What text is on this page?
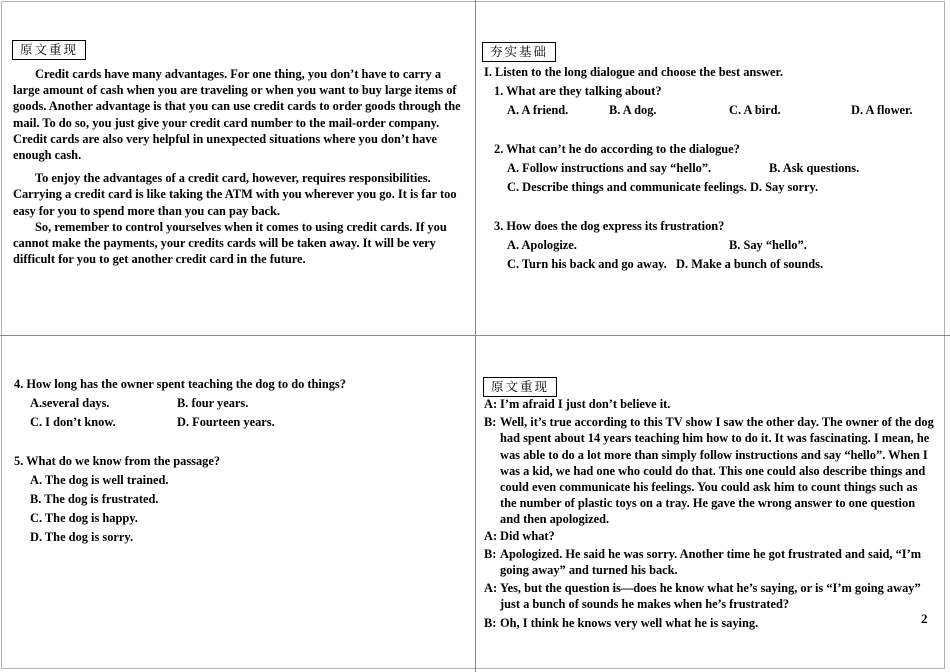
原文重现

Credit cards have many advantages. For one thing, you don’t have to carry a large amount of cash when you are traveling or when you want to buy large items of goods. Another advantage is that you can use credit cards to order goods through the mail. To do so, you just give your credit card number to the mail-order company. Credit cards are also very helpful in unexpected situations where you don’t have enough cash.

To enjoy the advantages of a credit card, however, requires responsibilities. Carrying a credit card is like taking the ATM with you wherever you go. It is far too easy for you to spend more than you can pay back.

So, remember to control yourselves when it comes to using credit cards. If you cannot make the payments, your credits cards will be taken away. It will be very difficult for you to get another credit card in the future.

夯实基础
I. Listen to the long dialogue and choose the best answer.
1. What are they talking about?
A. A friend.	B. A dog.	C. A bird.	D. A flower.
2. What can’t he do according to the dialogue?
A. Follow instructions and say “hello”.	B. Ask questions.
C. Describe things and communicate feelings. D. Say sorry.
3. How does the dog express its frustration?
A. Apologize.	B. Say “hello”.
C. Turn his back and go away.   D. Make a bunch of sounds.
4. How long has the owner spent teaching the dog to do things?
A.several days.	B. four years.
C. I don’t know.	D. Fourteen years.
5. What do we know from the passage?
A. The dog is well trained.
B. The dog is frustrated.
C. The dog is happy.
D. The dog is sorry.
原文重现
A: I’m afraid I just don’t believe it.
B: Well, it’s true according to this TV show I saw the other day. The owner of the dog had spent about 14 years teaching him how to do it. It was fascinating. I mean, he was able to do a lot more than simply follow instructions and say “hello”. When I was a kid, we had one who could do that. This one could also describe things and could even communicate his feelings. You could ask him to count things such as the number of plastic toys on a tray. He gave the wrong answer to one question and then apologized.
A: Did what?
B: Apologized. He said he was sorry. Another time he got frustrated and said, “I’m going away” and turned his back.
A: Yes, but the question is—does he know what he’s saying, or is “I’m going away” just a bunch of sounds he makes when he’s frustrated?
B: Oh, I think he knows very well what he is saying.	2
